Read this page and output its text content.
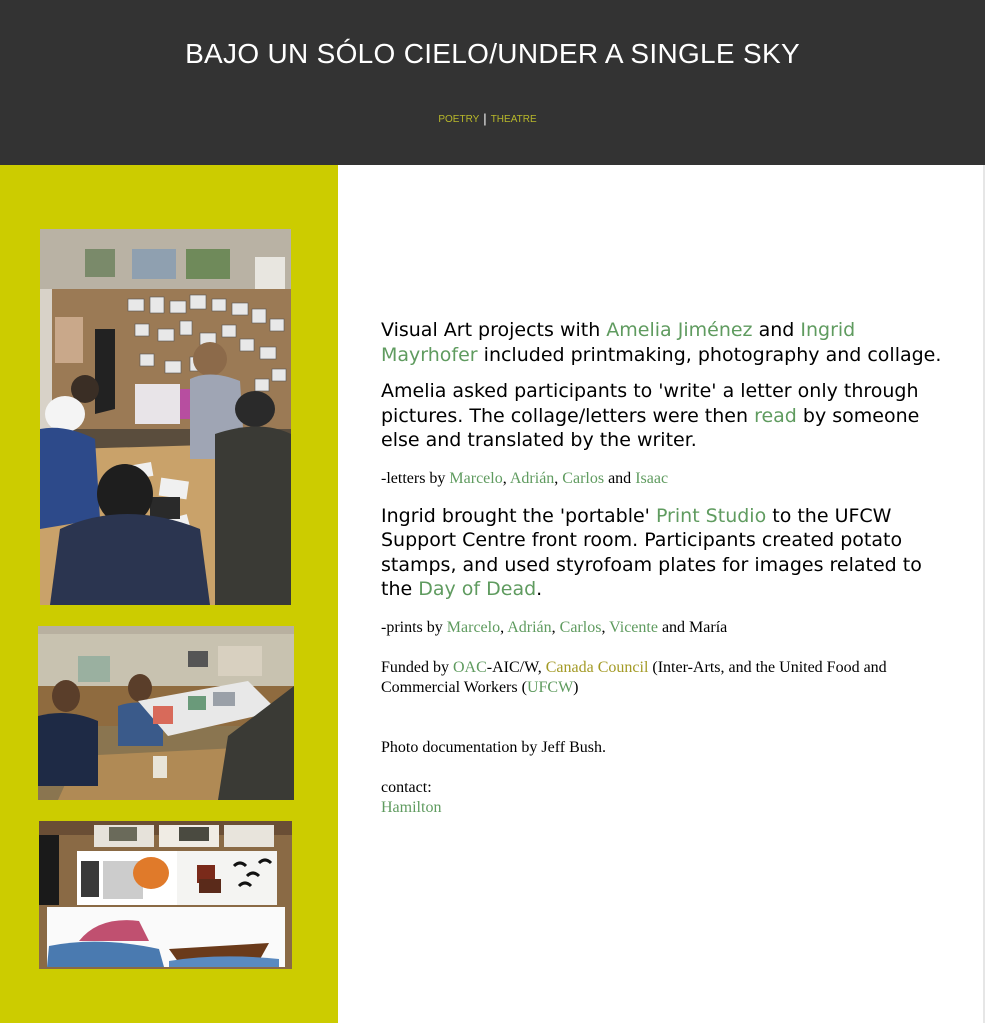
BAJO UN SÓLO CIELO/UNDER A SINGLE SKY
POETRY | THEATRE

Visual Art projects with Amelia Jiménez and Ingrid Mayrhofer included printmaking, photography and collage.

Amelia asked participants to 'write' a letter only through pictures. The collage/letters were then read by someone else and translated by the writer.

-letters by Marcelo, Adrián, Carlos and Isaac

Ingrid brought the 'portable' Print Studio to the UFCW Support Centre front room. Participants created potato stamps, and used styrofoam plates for images related to the Day of Dead.

-prints by Marcelo, Adrián, Carlos, Vicente and María

Funded by OAC-AIC/W, Canada Council (Inter-Arts, and the United Food and Commercial Workers (UFCW)

Photo documentation by Jeff Bush.

contact:

Hamilton
